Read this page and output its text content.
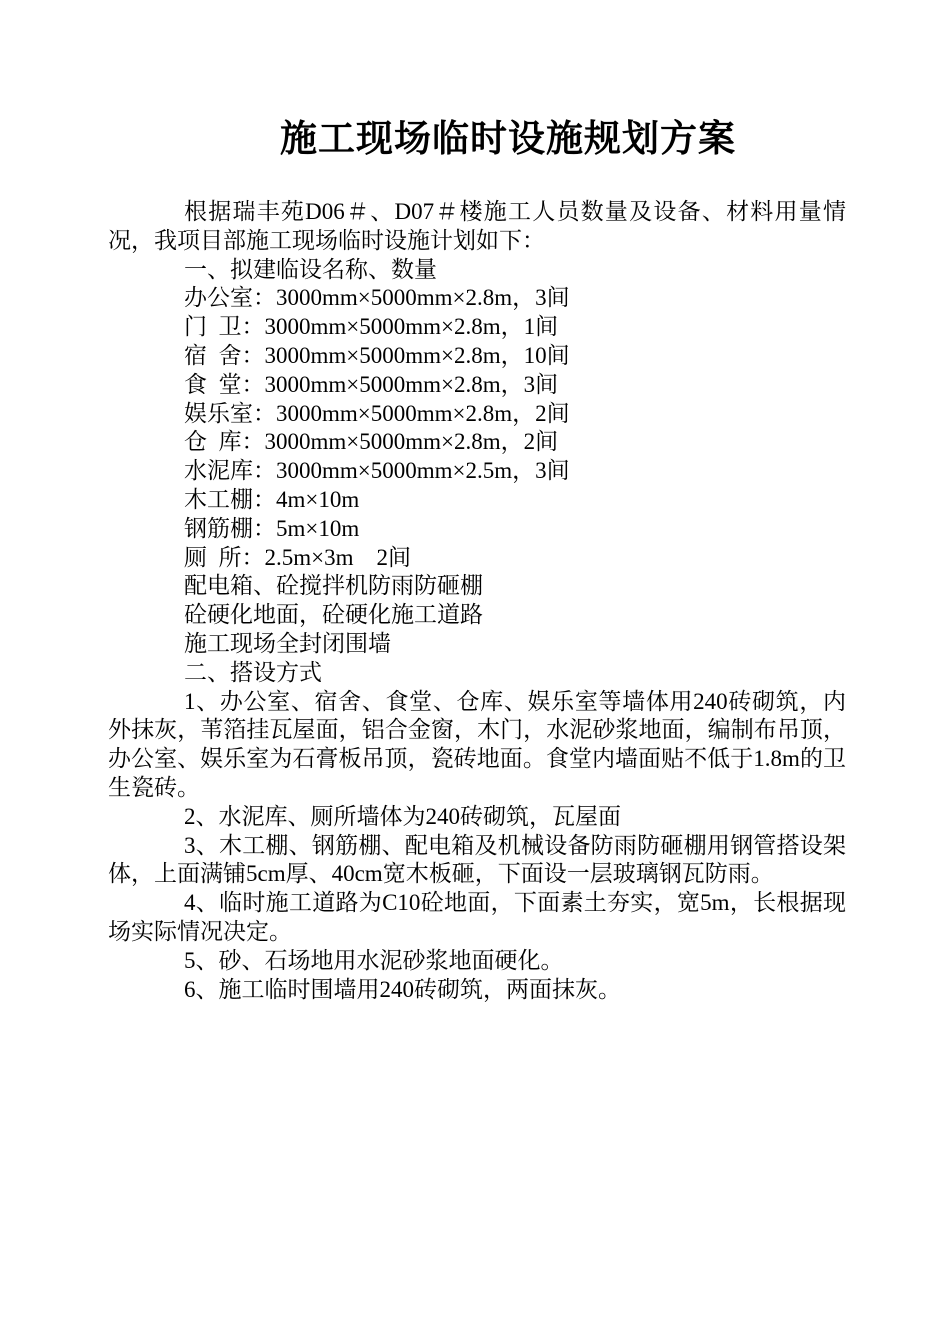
施工现场临时设施规划方案

根据瑞丰苑D06＃、D07＃楼施工人员数量及设备、材料用量情况，我项目部施工现场临时设施计划如下：

一、拟建临设名称、数量

办公室：3000mm×5000mm×2.8m，3间

门  卫：3000mm×5000mm×2.8m，1间

宿  舍：3000mm×5000mm×2.8m，10间

食  堂：3000mm×5000mm×2.8m，3间

娱乐室：3000mm×5000mm×2.8m，2间

仓  库：3000mm×5000mm×2.8m，2间

水泥库：3000mm×5000mm×2.5m，3间

木工棚：4m×10m

钢筋棚：5m×10m

厕  所：2.5m×3m    2间

配电箱、砼搅拌机防雨防砸棚

砼硬化地面，砼硬化施工道路

施工现场全封闭围墙

二、搭设方式

1、办公室、宿舍、食堂、仓库、娱乐室等墙体用240砖砌筑，内外抹灰，苇箔挂瓦屋面，铝合金窗，木门，水泥砂浆地面，编制布吊顶，办公室、娱乐室为石膏板吊顶，瓷砖地面。食堂内墙面贴不低于1.8m的卫生瓷砖。

2、水泥库、厕所墙体为240砖砌筑，瓦屋面

3、木工棚、钢筋棚、配电箱及机械设备防雨防砸棚用钢管搭设架体，上面满铺5cm厚、40cm宽木板砸，下面设一层玻璃钢瓦防雨。

4、临时施工道路为C10砼地面，下面素土夯实，宽5m，长根据现场实际情况决定。

5、砂、石场地用水泥砂浆地面硬化。

6、施工临时围墙用240砖砌筑，两面抹灰。
